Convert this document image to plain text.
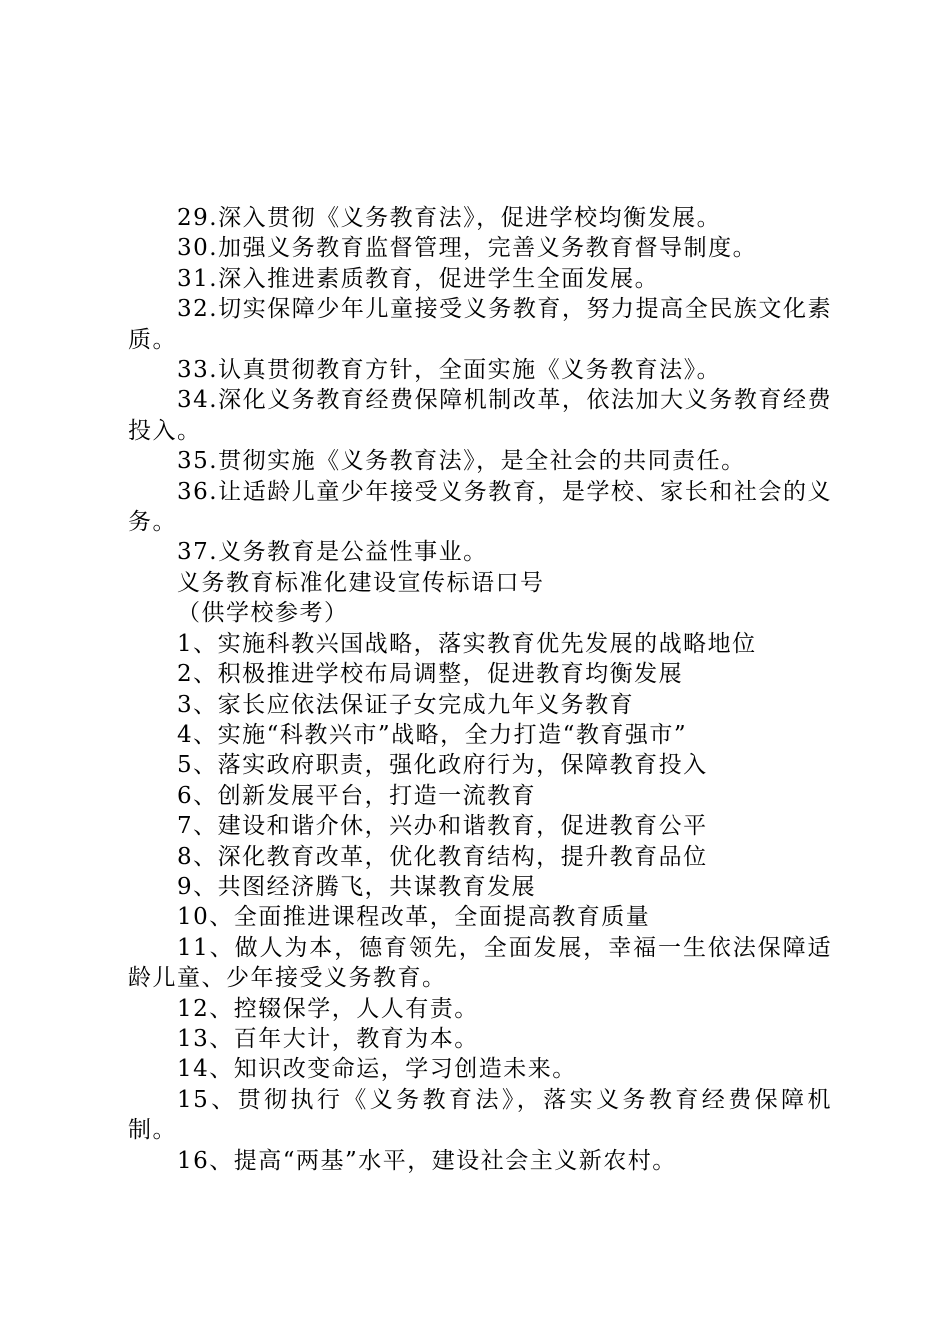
29.深入贯彻《义务教育法》，促进学校均衡发展。

30.加强义务教育监督管理，完善义务教育督导制度。

31.深入推进素质教育，促进学生全面发展。

32.切实保障少年儿童接受义务教育，努力提高全民族文化素质。

33.认真贯彻教育方针，全面实施《义务教育法》。

34.深化义务教育经费保障机制改革，依法加大义务教育经费投入。

35.贯彻实施《义务教育法》，是全社会的共同责任。

36.让适龄儿童少年接受义务教育，是学校、家长和社会的义务。

37.义务教育是公益性事业。

义务教育标准化建设宣传标语口号

（供学校参考）

1、实施科教兴国战略，落实教育优先发展的战略地位

2、积极推进学校布局调整，促进教育均衡发展

3、家长应依法保证子女完成九年义务教育

4、实施“科教兴市”战略，全力打造“教育强市”

5、落实政府职责，强化政府行为，保障教育投入

6、创新发展平台，打造一流教育

7、建设和谐介休，兴办和谐教育，促进教育公平

8、深化教育改革，优化教育结构，提升教育品位

9、共图经济腾飞，共谋教育发展

10、全面推进课程改革，全面提高教育质量

11、做人为本，德育领先，全面发展，幸福一生依法保障适龄儿童、少年接受义务教育。

12、控辍保学，人人有责。

13、百年大计，教育为本。

14、知识改变命运，学习创造未来。

15、贯彻执行《义务教育法》，落实义务教育经费保障机制。

16、提高“两基”水平，建设社会主义新农村。
